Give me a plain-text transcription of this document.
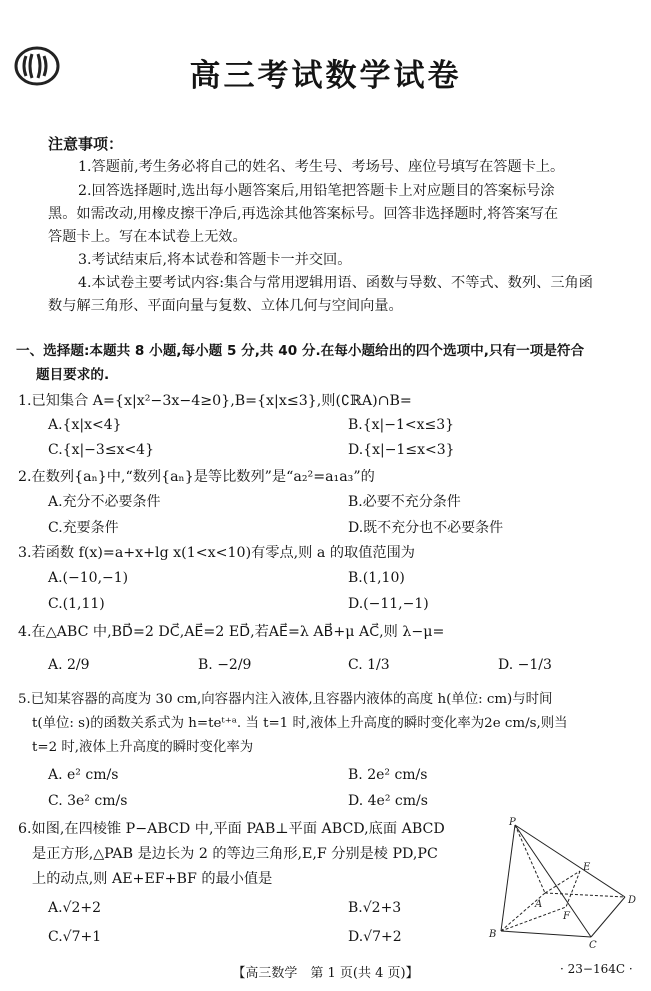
高三考试数学试卷
注意事项：
1.答题前,考生务必将自己的姓名、考生号、考场号、座位号填写在答题卡上。
2.回答选择题时,选出每小题答案后,用铅笔把答题卡上对应题目的答案标号涂
黑。如需改动,用橡皮擦干净后,再选涂其他答案标号。回答非选择题时,将答案写在
答题卡上。写在本试卷上无效。
3.考试结束后,将本试卷和答题卡一并交回。
4.本试卷主要考试内容:集合与常用逻辑用语、函数与导数、不等式、数列、三角函
数与解三角形、平面向量与复数、立体几何与空间向量。
一、选择题:本题共 8 小题,每小题 5 分,共 40 分.在每小题给出的四个选项中,只有一项是符合
题目要求的.
1.已知集合 A={x|x²−3x−4≥0},B={x|x≤3},则(∁ℝA)∩B=
A.{x|x<4}	B.{x|−1<x≤3}
C.{x|−3≤x<4}	D.{x|−1≤x<3}
2.在数列{aₙ}中,“数列{aₙ}是等比数列”是“a₂²=a₁a₃”的
A.充分不必要条件	B.必要不充分条件
C.充要条件	D.既不充分也不必要条件
3.若函数 f(x)=a+x+lg x(1<x<10)有零点,则 a 的取值范围为
A.(−10,−1)	B.(1,10)
C.(1,11)	D.(−11,−1)
4.在△ABC 中,BD⃗=2 DC⃗,AE⃗=2 ED⃗,若AE⃗=λ AB⃗+μ AC⃗,则 λ−μ=
A. 2/9	B. −2/9	C. 1/3	D. −1/3
5.已知某容器的高度为 30 cm,向容器内注入液体,且容器内液体的高度 h(单位: cm)与时间
t(单位: s)的函数关系式为 h=teᵗ⁺ᵃ. 当 t=1 时,液体上升高度的瞬时变化率为2e cm/s,则当
t=2 时,液体上升高度的瞬时变化率为
A. e² cm/s	B. 2e² cm/s
C. 3e² cm/s	D. 4e² cm/s
6.如图,在四棱锥 P−ABCD 中,平面 PAB⊥平面 ABCD,底面 ABCD
是正方形,△PAB 是边长为 2 的等边三角形,E,F 分别是棱 PD,PC
上的动点,则 AE+EF+BF 的最小值是
A.√2+2	B.√2+3
C.√7+1	D.√7+2
P
E
A
F
D
B
C
【高三数学　第 1 页(共 4 页)】	· 23−164C ·
